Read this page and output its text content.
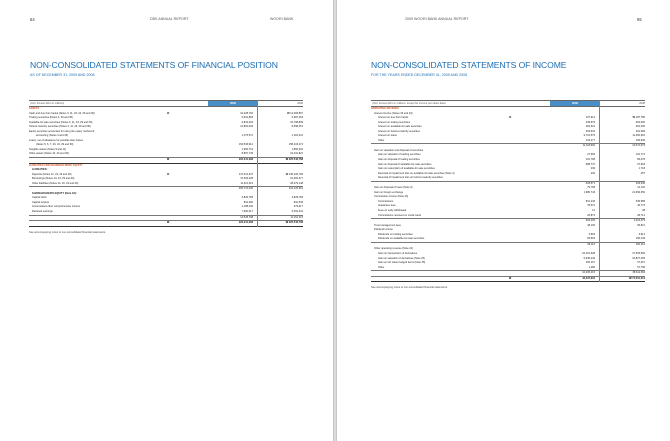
64	DBS ANNUAL REPORT	WOORI BANK
NON-CONSOLIDATED STATEMENTS OF FINANCIAL POSITION
AS OF DECEMBER 31, 2009 AND 2008
(Unit: Korean Won in millions)	2009	2008
ASSETS
Cash and due from banks (Notes 3, 11, 23, 24, 29 and 30)	₩	10,028,766	₩ 14,483,867
Trading securities (Notes 4, 29 and 30)	6,691,893	6,687,463
Available-for-sale securities (Notes 4, 11, 23, 29 and 30)	9,844,323	10,798,839
Held-to-maturity securities (Notes 4, 11, 23, 29 and 30)	12,862,034	8,058,451
Equity securities accounted for using the equity method of
accounting (Notes 4 and 29)	1,275,572	1,181,641
Loans, net of allowance for possible loan losses
(Notes 5, 6, 7, 23, 24, 29 and 30)	154,533,912	158,103,274
Tangible assets (Notes 9 and 11)	1,984,719	1,850,931
Other assets (Notes 10, 24 and 29)	8,867,749	16,431,822
₩	222,241,398	₩ 225,546,788
LIABILITIES AND SHAREHOLDERS' EQUITY
LIABILITIES:
Deposits (Notes 12, 24, 29 and 30)	₩	147,041,347	₩ 136,100,796
Borrowings (Notes 13, 24, 29 and 30)	47,363,228	61,302,677
Other liabilities (Notes 14, 16, 24 and 29)	11,321,415	28,479,148
205,713,030	215,126,691
SHAREHOLDER'S EQUITY (Note 18):
Capital stock	3,829,783	3,829,783
Capital surplus	810,260	810,545
Accumulated other comprehensive income	1,188,240	679,617
Retained earnings	7,960,017	6,302,431
13,528,798	11,151,215
₩	222,241,398	₩ 225,546,788
See accompanying notes to non-consolidated financial statements.
2009 WOORI BANK ANNUAL REPORT	65
NON-CONSOLIDATED STATEMENTS OF INCOME
FOR THE YEARS ENDED DECEMBER 31, 2009 AND 2008
(Unit: Korean Won in millions, except for income per share data)	2009	2008
OPERATING REVENUE
Interest income (Notes 23 and 24)
Interest on due from banks	₩	107,914	₩ 187,780
Interest on trading securities	249,579	364,060
Interest on available-for-sale securities	481,522	481,296
Interest on held-to-maturity securities	454,632	291,999
Interest on loans	9,701,575	11,450,962
Other	119,277	196,936
11,118,900	13,072,973
Gain on valuation and disposal of securities
Gain on valuation of trading securities	27,656	110,774
Gain on disposal of trading securities	101,768	83,078
Gain on disposal of available-for-sale securities	388,747	67,963
Gain on redemption of available-for-sale securities	239	1,718
Reversal of impairment loss on available-for-sale securities (Note 4)	230	457
Reversal of impairment loss on held-to-maturity securities
518,571	263,036
Gain on disposal of loans (Note 6)	79,768	14,102
Gain on foreign exchange	1,980,743	21,609,350
Commission income (Note 24)
Commissions	501,246	639,586
Guarantee fees	78,074	46,773
Fees on early withdrawal	12	38
Commissions received on credit cards	26,873	28,712
606,205	1,015,379
Trust management fees	48,106	65,821
Dividend income
Dividends on trading securities	3,553	3,912
Dividends on available-for-sale securities	65,563	156,249
69,116	160,161
Other operating revenue (Note 24)
Gain on transactions of derivatives	10,291,328	27,653,596
Gain on valuation of derivatives (Note 25)	5,930,440	10,827,256
Gain on fair value hedged items (Note 25)	182,167	57,467
Other	1,280	57,796
16,405,215	38,611,384
₩	42,037,934	₩ 74,501,216
See accompanying notes to non-consolidated financial statements.
